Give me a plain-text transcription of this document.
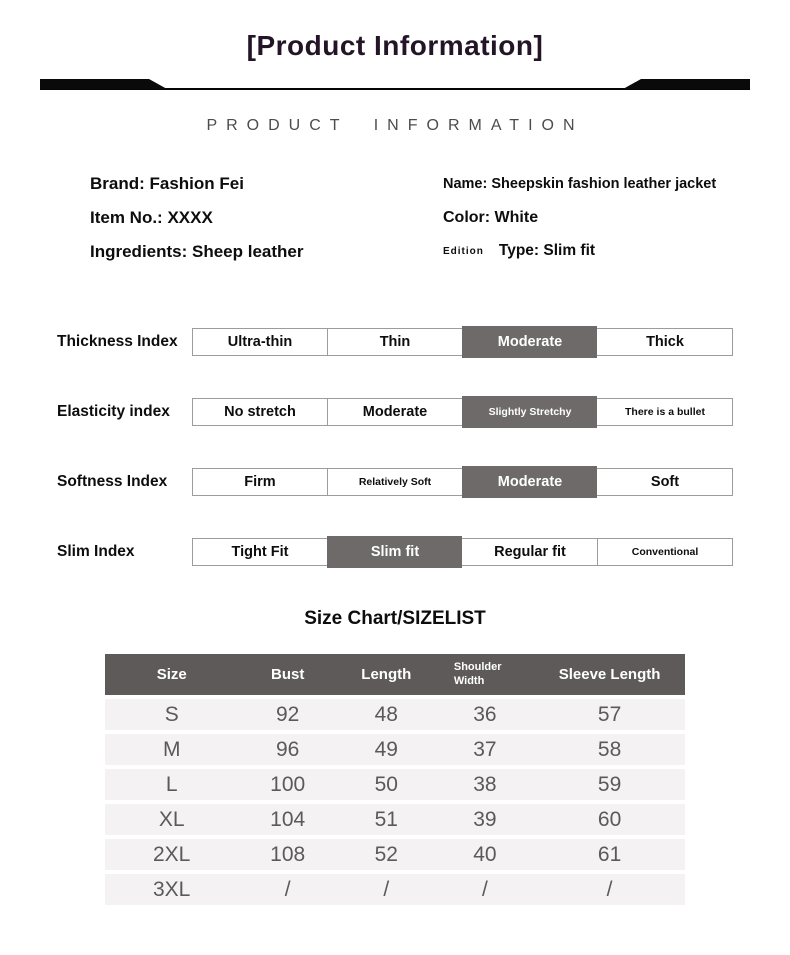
[Product Information]
PRODUCT INFORMATION

Brand: Fashion Fei

Item No.: XXXX

Ingredients: Sheep leather

Name: Sheepskin fashion leather jacket

Color: White

Edition Type: Slim fit

Thickness Index	Ultra-thin	Thin	Moderate	Thick
Elasticity index	No stretch	Moderate	Slightly Stretchy	There is a bullet
Softness Index	Firm	Relatively Soft	Moderate	Soft
Slim Index	Tight Fit	Slim fit	Regular fit	Conventional
Size Chart/SIZELIST
Size	Bust	Length	Shoulder Width	Sleeve Length
S	92	48	36	57
M	96	49	37	58
L	100	50	38	59
XL	104	51	39	60
2XL	108	52	40	61
3XL	/	/	/	/
